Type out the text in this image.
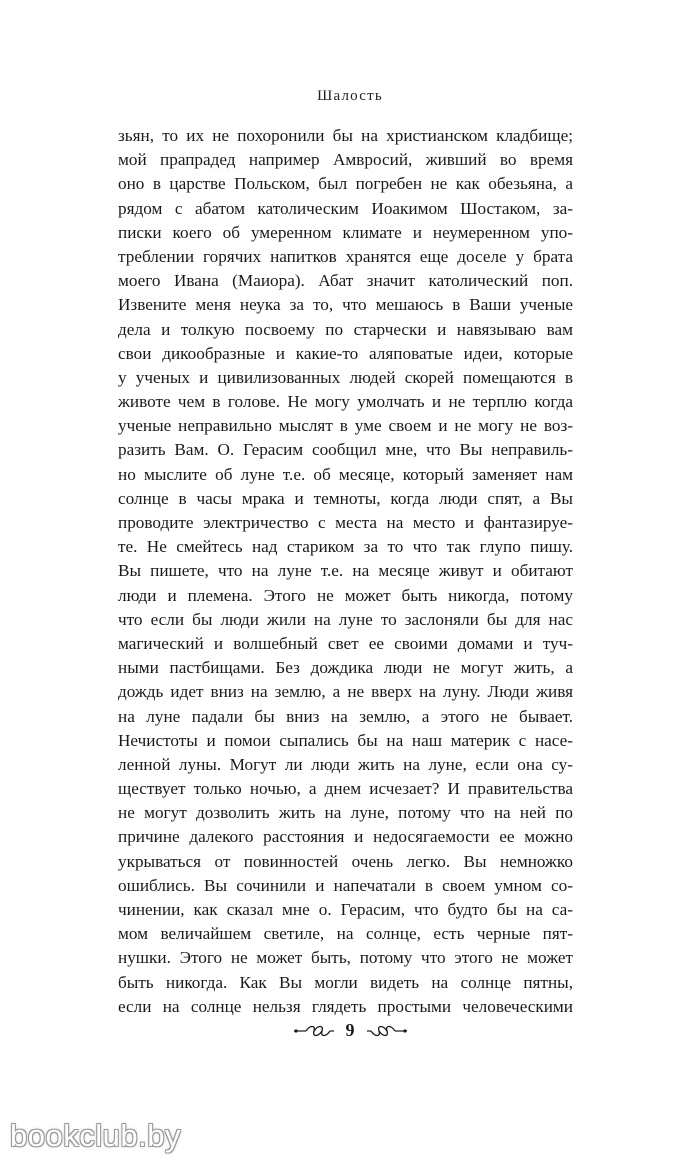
Шалость
зьян, то их не похоронили бы на христианском кладбище;
мой прапрадед например Амвросий, живший во время
оно в царстве Польском, был погребен не как обезьяна, а
рядом с абатом католическим Иоакимом Шостаком, за-
писки коего об умеренном климате и неумеренном упо-
треблении горячих напитков хранятся еще доселе у брата
моего Ивана (Маиора). Абат значит католический поп.
Извените меня неука за то, что мешаюсь в Ваши ученые
дела и толкую посвоему по старчески и навязываю вам
свои дикообразные и какие-то аляповатые идеи, которые
у ученых и цивилизованных людей скорей помещаются в
животе чем в голове. Не могу умолчать и не терплю когда
ученые неправильно мыслят в уме своем и не могу не воз-
разить Вам. О. Герасим сообщил мне, что Вы неправиль-
но мыслите об луне т.е. об месяце, который заменяет нам
солнце в часы мрака и темноты, когда люди спят, а Вы
проводите электричество с места на место и фантазируе-
те. Не смейтесь над стариком за то что так глупо пишу.
Вы пишете, что на луне т.е. на месяце живут и обитают
люди и племена. Этого не может быть никогда, потому
что если бы люди жили на луне то заслоняли бы для нас
магический и волшебный свет ее своими домами и туч-
ными пастбищами. Без дождика люди не могут жить, а
дождь идет вниз на землю, а не вверх на луну. Люди живя
на луне падали бы вниз на землю, а этого не бывает.
Нечистоты и помои сыпались бы на наш материк с насе-
ленной луны. Могут ли люди жить на луне, если она су-
ществует только ночью, а днем исчезает? И правительства
не могут дозволить жить на луне, потому что на ней по
причине далекого расстояния и недосягаемости ее можно
укрываться от повинностей очень легко. Вы немножко
ошиблись. Вы сочинили и напечатали в своем умном со-
чинении, как сказал мне о. Герасим, что будто бы на са-
мом величайшем светиле, на солнце, есть черные пят-
нушки. Этого не может быть, потому что этого не может
быть никогда. Как Вы могли видеть на солнце пятны,
если на солнце нельзя глядеть простыми человеческими
9
bookclub.by
